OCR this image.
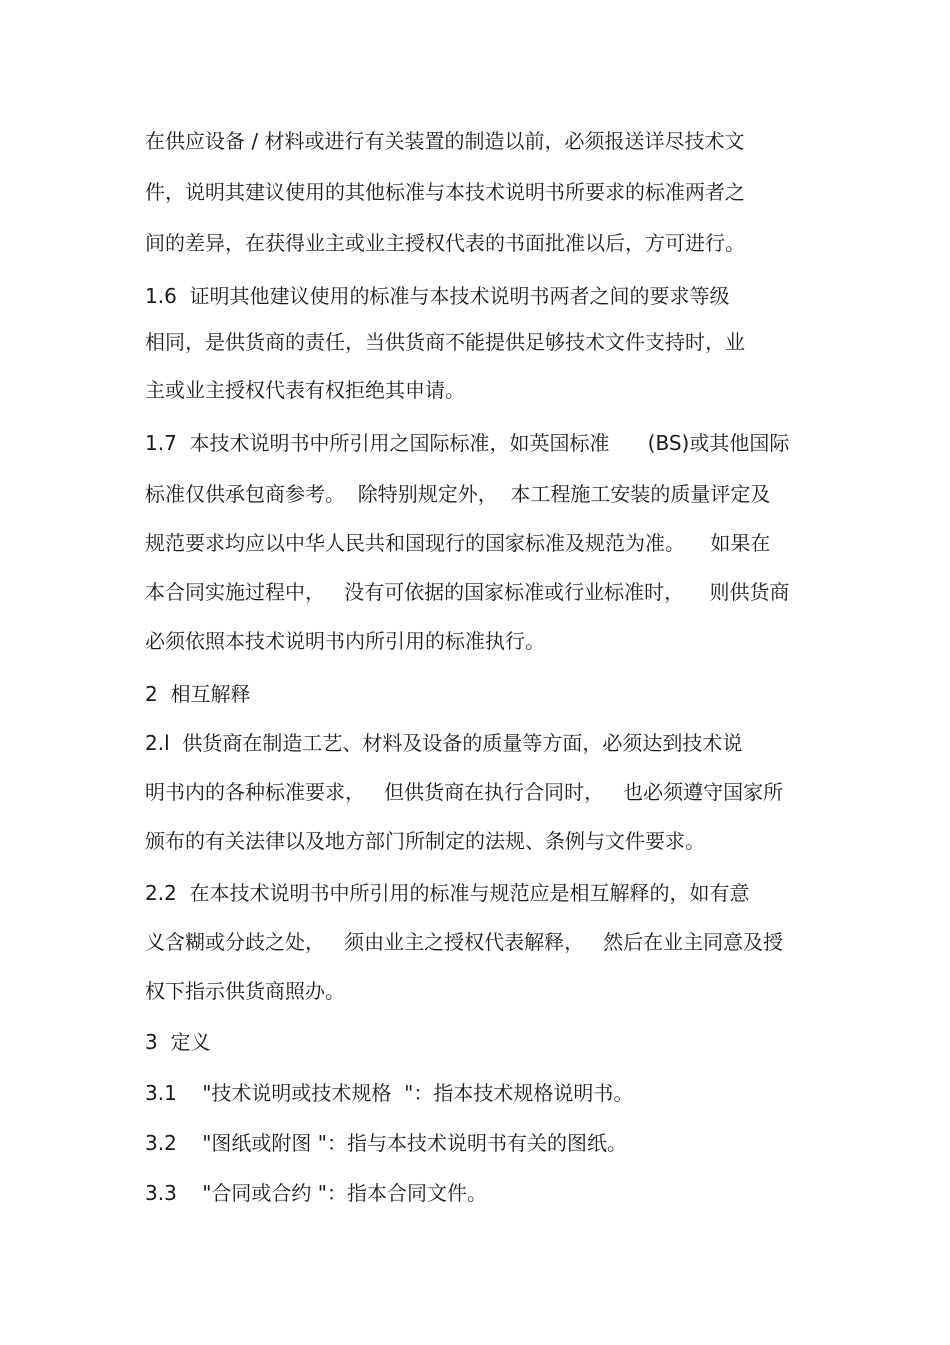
在供应设备 / 材料或进行有关装置的制造以前，必须报送详尽技术文
件，说明其建议使用的其他标准与本技术说明书所要求的标准两者之
间的差异，在获得业主或业主授权代表的书面批准以后，方可进行。
1.6  证明其他建议使用的标准与本技术说明书两者之间的要求等级
相同，是供货商的责任，当供货商不能提供足够技术文件支持时，业
主或业主授权代表有权拒绝其申请。
1.7  本技术说明书中所引用之国际标准，如英国标准      (BS)或其他国际
标准仅供承包商参考。  除特别规定外，  本工程施工安装的质量评定及
规范要求均应以中华人民共和国现行的国家标准及规范为准。    如果在
本合同实施过程中，   没有可依据的国家标准或行业标准时，    则供货商
必须依照本技术说明书内所引用的标准执行。
2  相互解释
2.l  供货商在制造工艺、材料及设备的质量等方面，必须达到技术说
明书内的各种标准要求，   但供货商在执行合同时，   也必须遵守国家所
颁布的有关法律以及地方部门所制定的法规、条例与文件要求。
2.2  在本技术说明书中所引用的标准与规范应是相互解释的，如有意
义含糊或分歧之处，   须由业主之授权代表解释，   然后在业主同意及授
权下指示供货商照办。
3  定义
3.1    "技术说明或技术规格  "：指本技术规格说明书。
3.2    "图纸或附图 "：指与本技术说明书有关的图纸。
3.3    "合同或合约 "：指本合同文件。
